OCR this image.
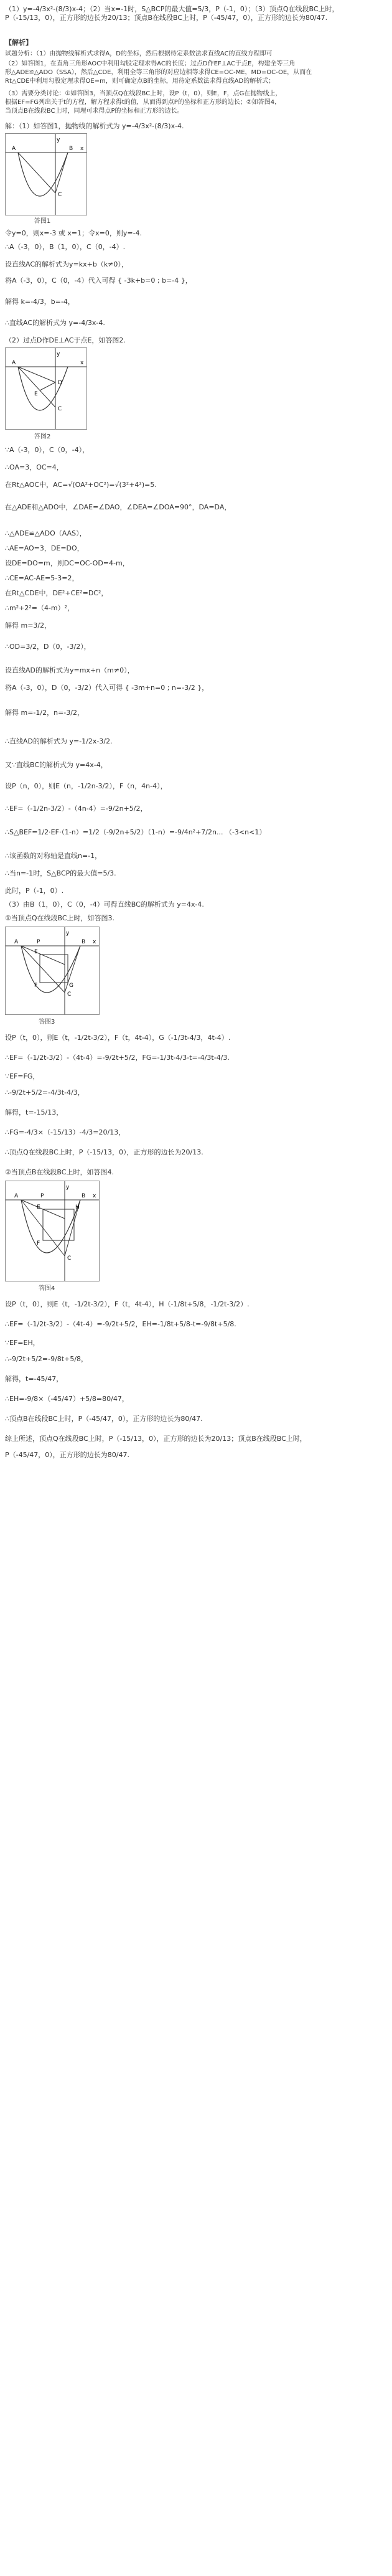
（1）y=-4/3x²-(8/3)x-4；（2）当x=-1时，S△BCP的最大值=5/3，P（-1，0）；（3）顶点Q在线段BC上时，
P（-15/13，0），正方形的边长为20/13；顶点B在线段BC上时，P（-45/47，0），正方形的边长为80/47.
【解析】
试题分析：（1）由抛物线解析式求得A，D的坐标，然后根据待定系数法求直线AC的直线方程即可
（2）如答图1，在直角三角形AOC中利用勾股定理求得AC的长度；过点D作EF⊥AC于点E，构建全等三角
形△ADE≌△ADO（SSA），然后△CDE，利用全等三角形的对应边相等求得CE=OC-ME，MD=OC-OE，从而在
Rt△CDE中利用勾股定理求得OE=m，则可确定点B的坐标，用待定系数法求得直线AD的解析式；
（3）需要分类讨论：①如答图3，当顶点Q在线段BC上时，设P（t，0），则E，F，点G在抛物线上，
根据EF=FG列出关于t的方程，解方程求得t的值，从而得到点P的坐标和正方形的边长；②如答图4，
当顶点B在线段BC上时，同理可求得点P的坐标和正方形的边长。
解：（1）如答图1，抛物线的解析式为 y=-4/3x²-(8/3)x-4.
A	B
C
y
x
答图1
令y=0，则x=-3 或 x=1；令x=0，则y=-4.
∴A（-3，0），B（1，0），C（0，-4）.
设直线AC的解析式为y=kx+b（k≠0），
将A（-3，0），C（0，-4）代入可得 { -3k+b=0 ; b=-4 }，
解得 k=-4/3，b=-4，
∴直线AC的解析式为 y=-4/3x-4.
（2）过点D作DE⊥AC于点E，如答图2.
A
D
E
C
y
x
答图2
∵A（-3，0），C（0，-4），
∴OA=3，OC=4，
在Rt△AOC中，AC=√(OA²+OC²)=√(3²+4²)=5.
在△ADE和△ADO中，∠DAE=∠DAO，∠DEA=∠DOA=90°，DA=DA，
∴△ADE≌△ADO（AAS），
∴AE=AO=3，DE=DO，
设DE=DO=m，则DC=OC-OD=4-m，
∴CE=AC-AE=5-3=2，
在Rt△CDE中，DE²+CE²=DC²，
∴m²+2²=（4-m）²，
解得 m=3/2，
∴OD=3/2，D（0，-3/2），
设直线AD的解析式为y=mx+n（m≠0），
将A（-3，0），D（0，-3/2）代入可得 { -3m+n=0 ; n=-3/2 }，
解得 m=-1/2，n=-3/2，
∴直线AD的解析式为 y=-1/2x-3/2.
又∵直线BC的解析式为 y=4x-4，
设P（n，0），则E（n，-1/2n-3/2），F（n，4n-4），
∴EF=（-1/2n-3/2）-（4n-4）=-9/2n+5/2，
∴S△BEF=1/2·EF·（1-n）=1/2（-9/2n+5/2）（1-n）=-9/4n²+7/2n... （-3<n<1）
∴该函数的对称轴是直线n=-1，
∴当n=-1时，S△BCP的最大值=5/3.
此时，P（-1，0）.
（3）由B（1，0），C（0，-4）可得直线BC的解析式为 y=4x-4.
①当顶点Q在线段BC上时，如答图3.
A	P	B
E
F	G
C
y
x
答图3
设P（t，0），则E（t，-1/2t-3/2），F（t，4t-4），G（-1/3t-4/3，4t-4）.
∴EF=（-1/2t-3/2）-（4t-4）=-9/2t+5/2，FG=-1/3t-4/3-t=-4/3t-4/3.
∵EF=FG，
∴-9/2t+5/2=-4/3t-4/3，
解得，t=-15/13，
∴FG=-4/3×（-15/13）-4/3=20/13，
∴顶点Q在线段BC上时，P（-15/13，0），正方形的边长为20/13.
②当顶点B在线段BC上时，如答图4.
A	P	B
E	H
F
C
y
x
答图4
设P（t，0），则E（t，-1/2t-3/2），F（t，4t-4），H（-1/8t+5/8，-1/2t-3/2）.
∴EF=（-1/2t-3/2）-（4t-4）=-9/2t+5/2，EH=-1/8t+5/8-t=-9/8t+5/8.
∵EF=EH，
∴-9/2t+5/2=-9/8t+5/8，
解得，t=-45/47，
∴EH=-9/8×（-45/47）+5/8=80/47，
∴顶点B在线段BC上时，P（-45/47，0），正方形的边长为80/47.
综上所述，顶点Q在线段BC上时，P（-15/13，0），正方形的边长为20/13；顶点B在线段BC上时，
P（-45/47，0），正方形的边长为80/47.
